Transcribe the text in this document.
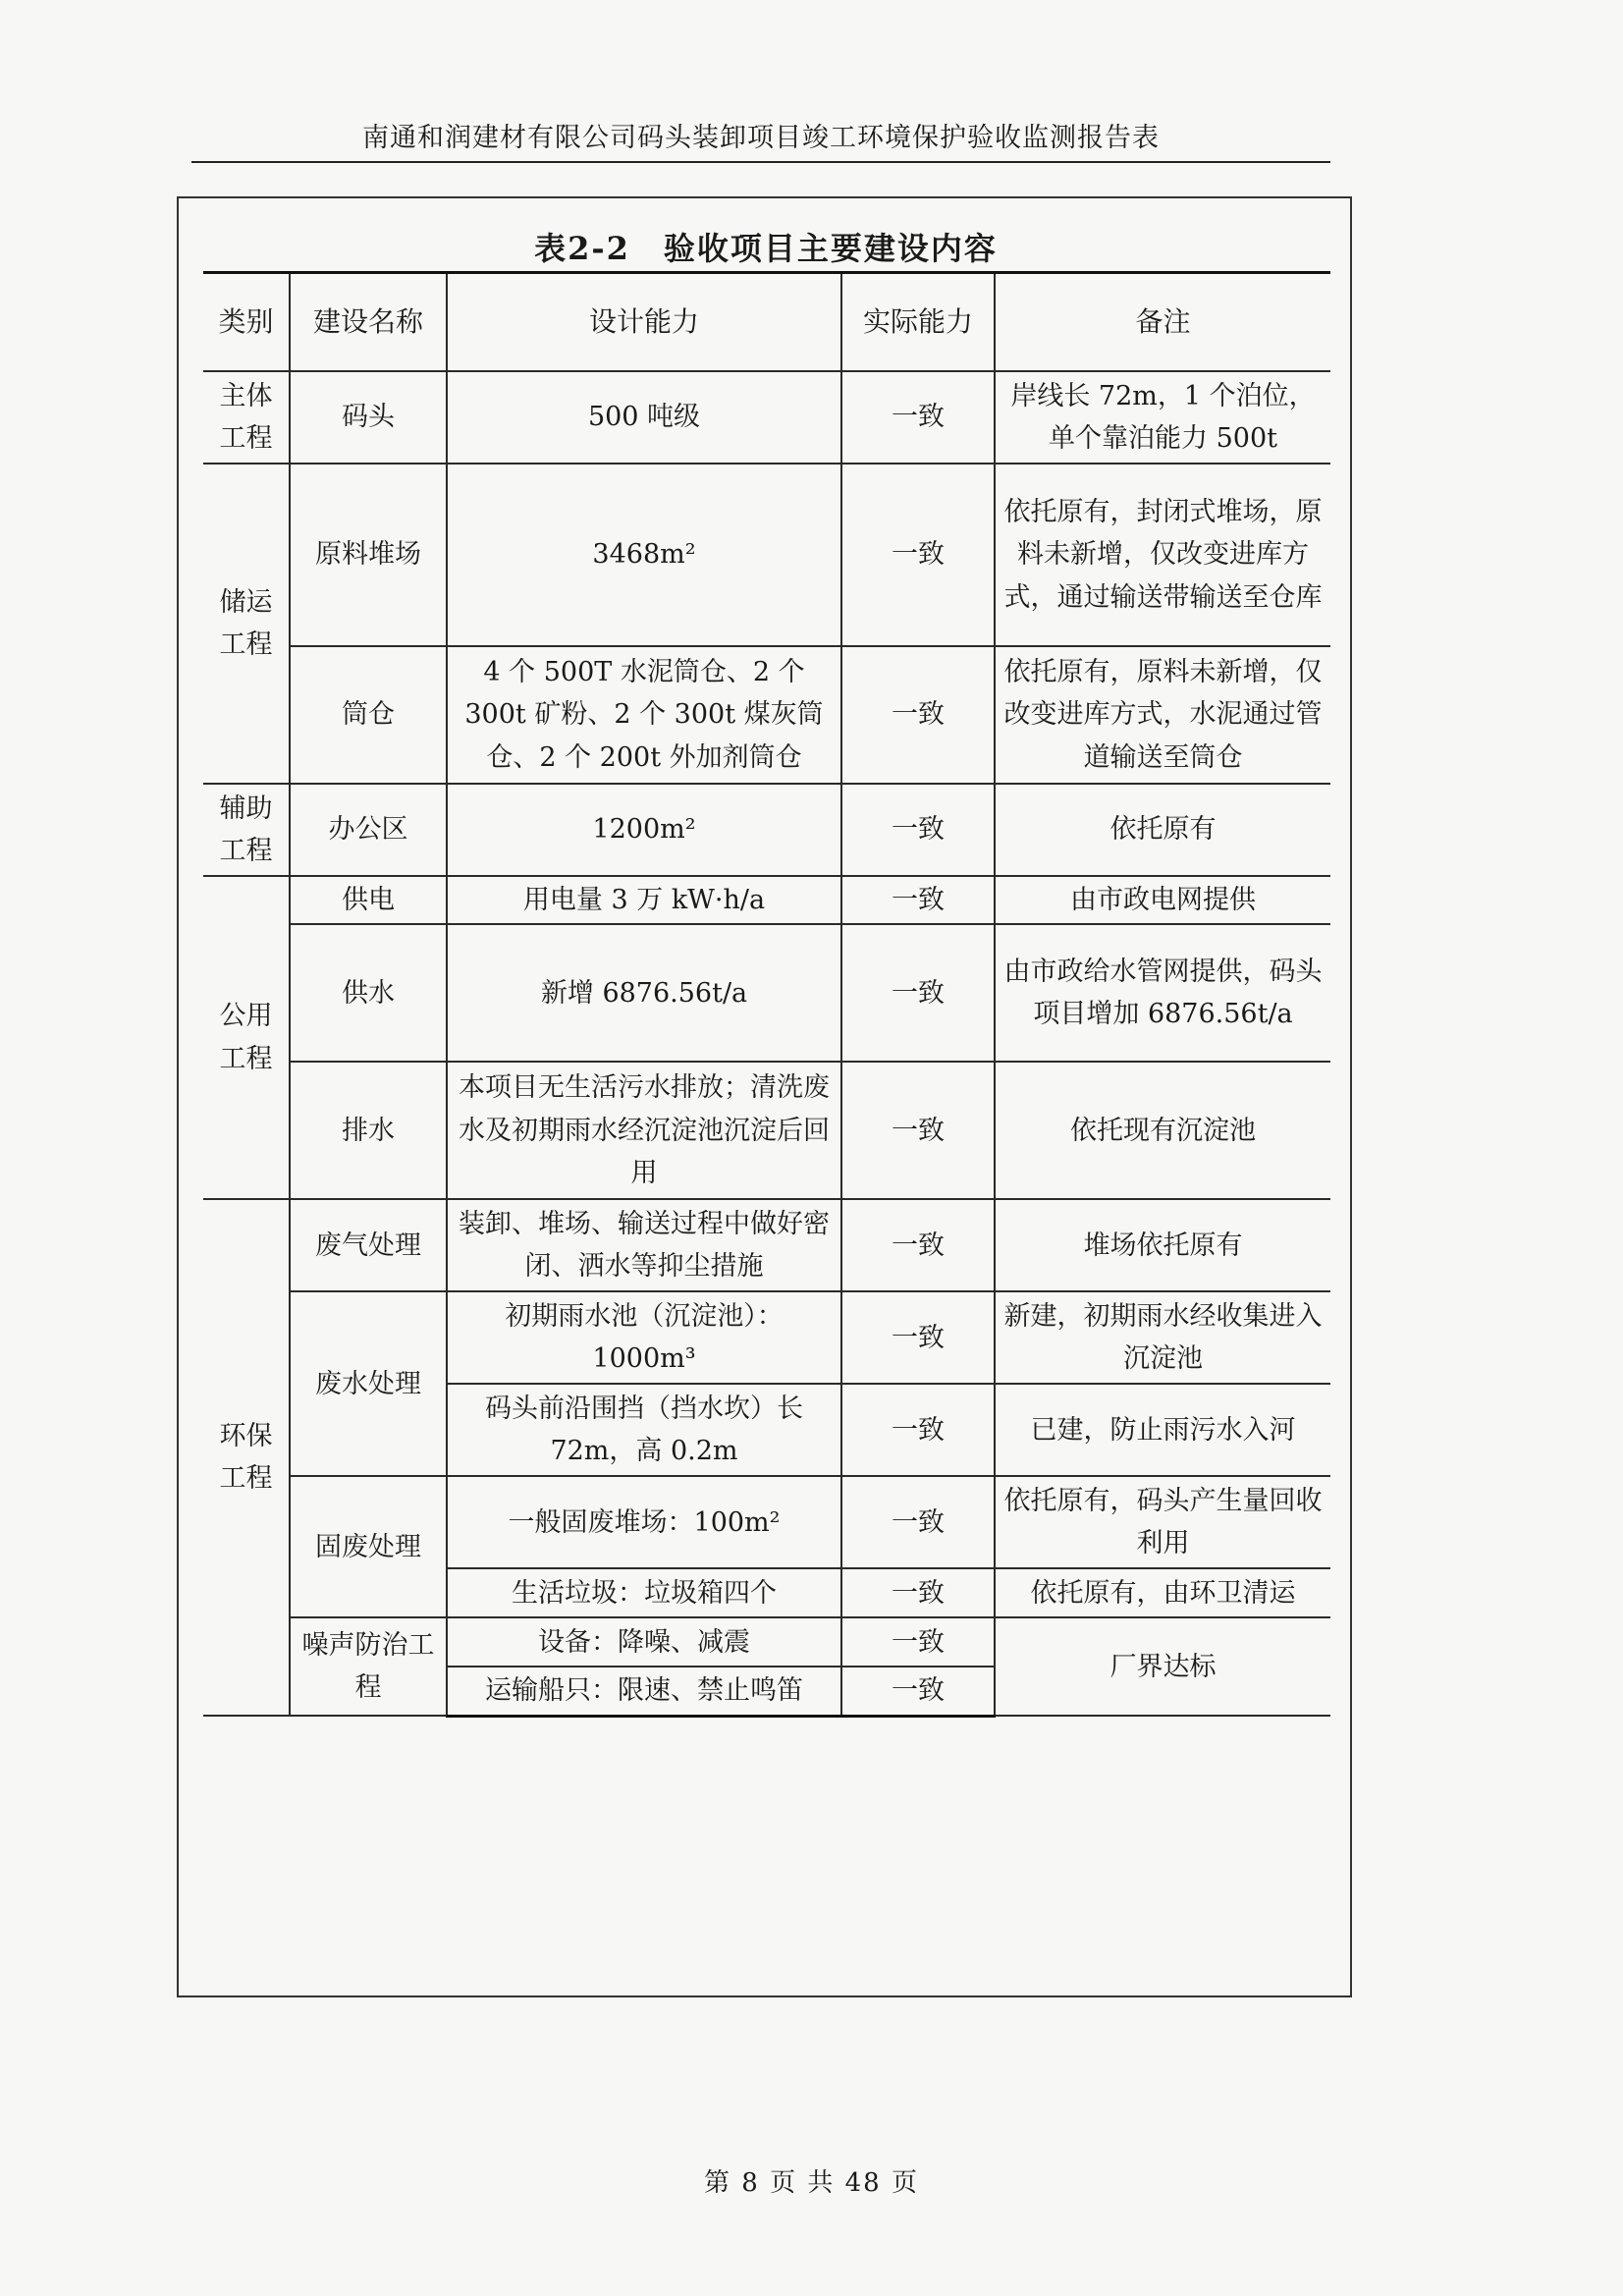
南通和润建材有限公司码头装卸项目竣工环境保护验收监测报告表
表2-2 验收项目主要建设内容
类别	建设名称	设计能力	实际能力	备注
主体工程	码头	500 吨级	一致	岸线长 72m，1 个泊位，单个靠泊能力 500t
储运工程	原料堆场	3468m²	一致	依托原有，封闭式堆场，原料未新增，仅改变进库方式，通过输送带输送至仓库
	筒仓	4 个 500T 水泥筒仓、2 个 300t 矿粉、2 个 300t 煤灰筒仓、2 个 200t 外加剂筒仓	一致	依托原有，原料未新增，仅改变进库方式，水泥通过管道输送至筒仓
辅助工程	办公区	1200m²	一致	依托原有
公用工程	供电	用电量 3 万 kW·h/a	一致	由市政电网提供
	供水	新增 6876.56t/a	一致	由市政给水管网提供，码头项目增加 6876.56t/a
	排水	本项目无生活污水排放；清洗废水及初期雨水经沉淀池沉淀后回用	一致	依托现有沉淀池
环保工程	废气处理	装卸、堆场、输送过程中做好密闭、洒水等抑尘措施	一致	堆场依托原有
	废水处理	初期雨水池（沉淀池）：1000m³	一致	新建，初期雨水经收集进入沉淀池
		码头前沿围挡（挡水坎）长 72m，高 0.2m	一致	已建，防止雨污水入河
	固废处理	一般固废堆场：100m²	一致	依托原有，码头产生量回收利用
		生活垃圾：垃圾箱四个	一致	依托原有，由环卫清运
	噪声防治工程	设备：降噪、减震	一致	厂界达标
		运输船只：限速、禁止鸣笛	一致	
第 8 页 共 48 页
